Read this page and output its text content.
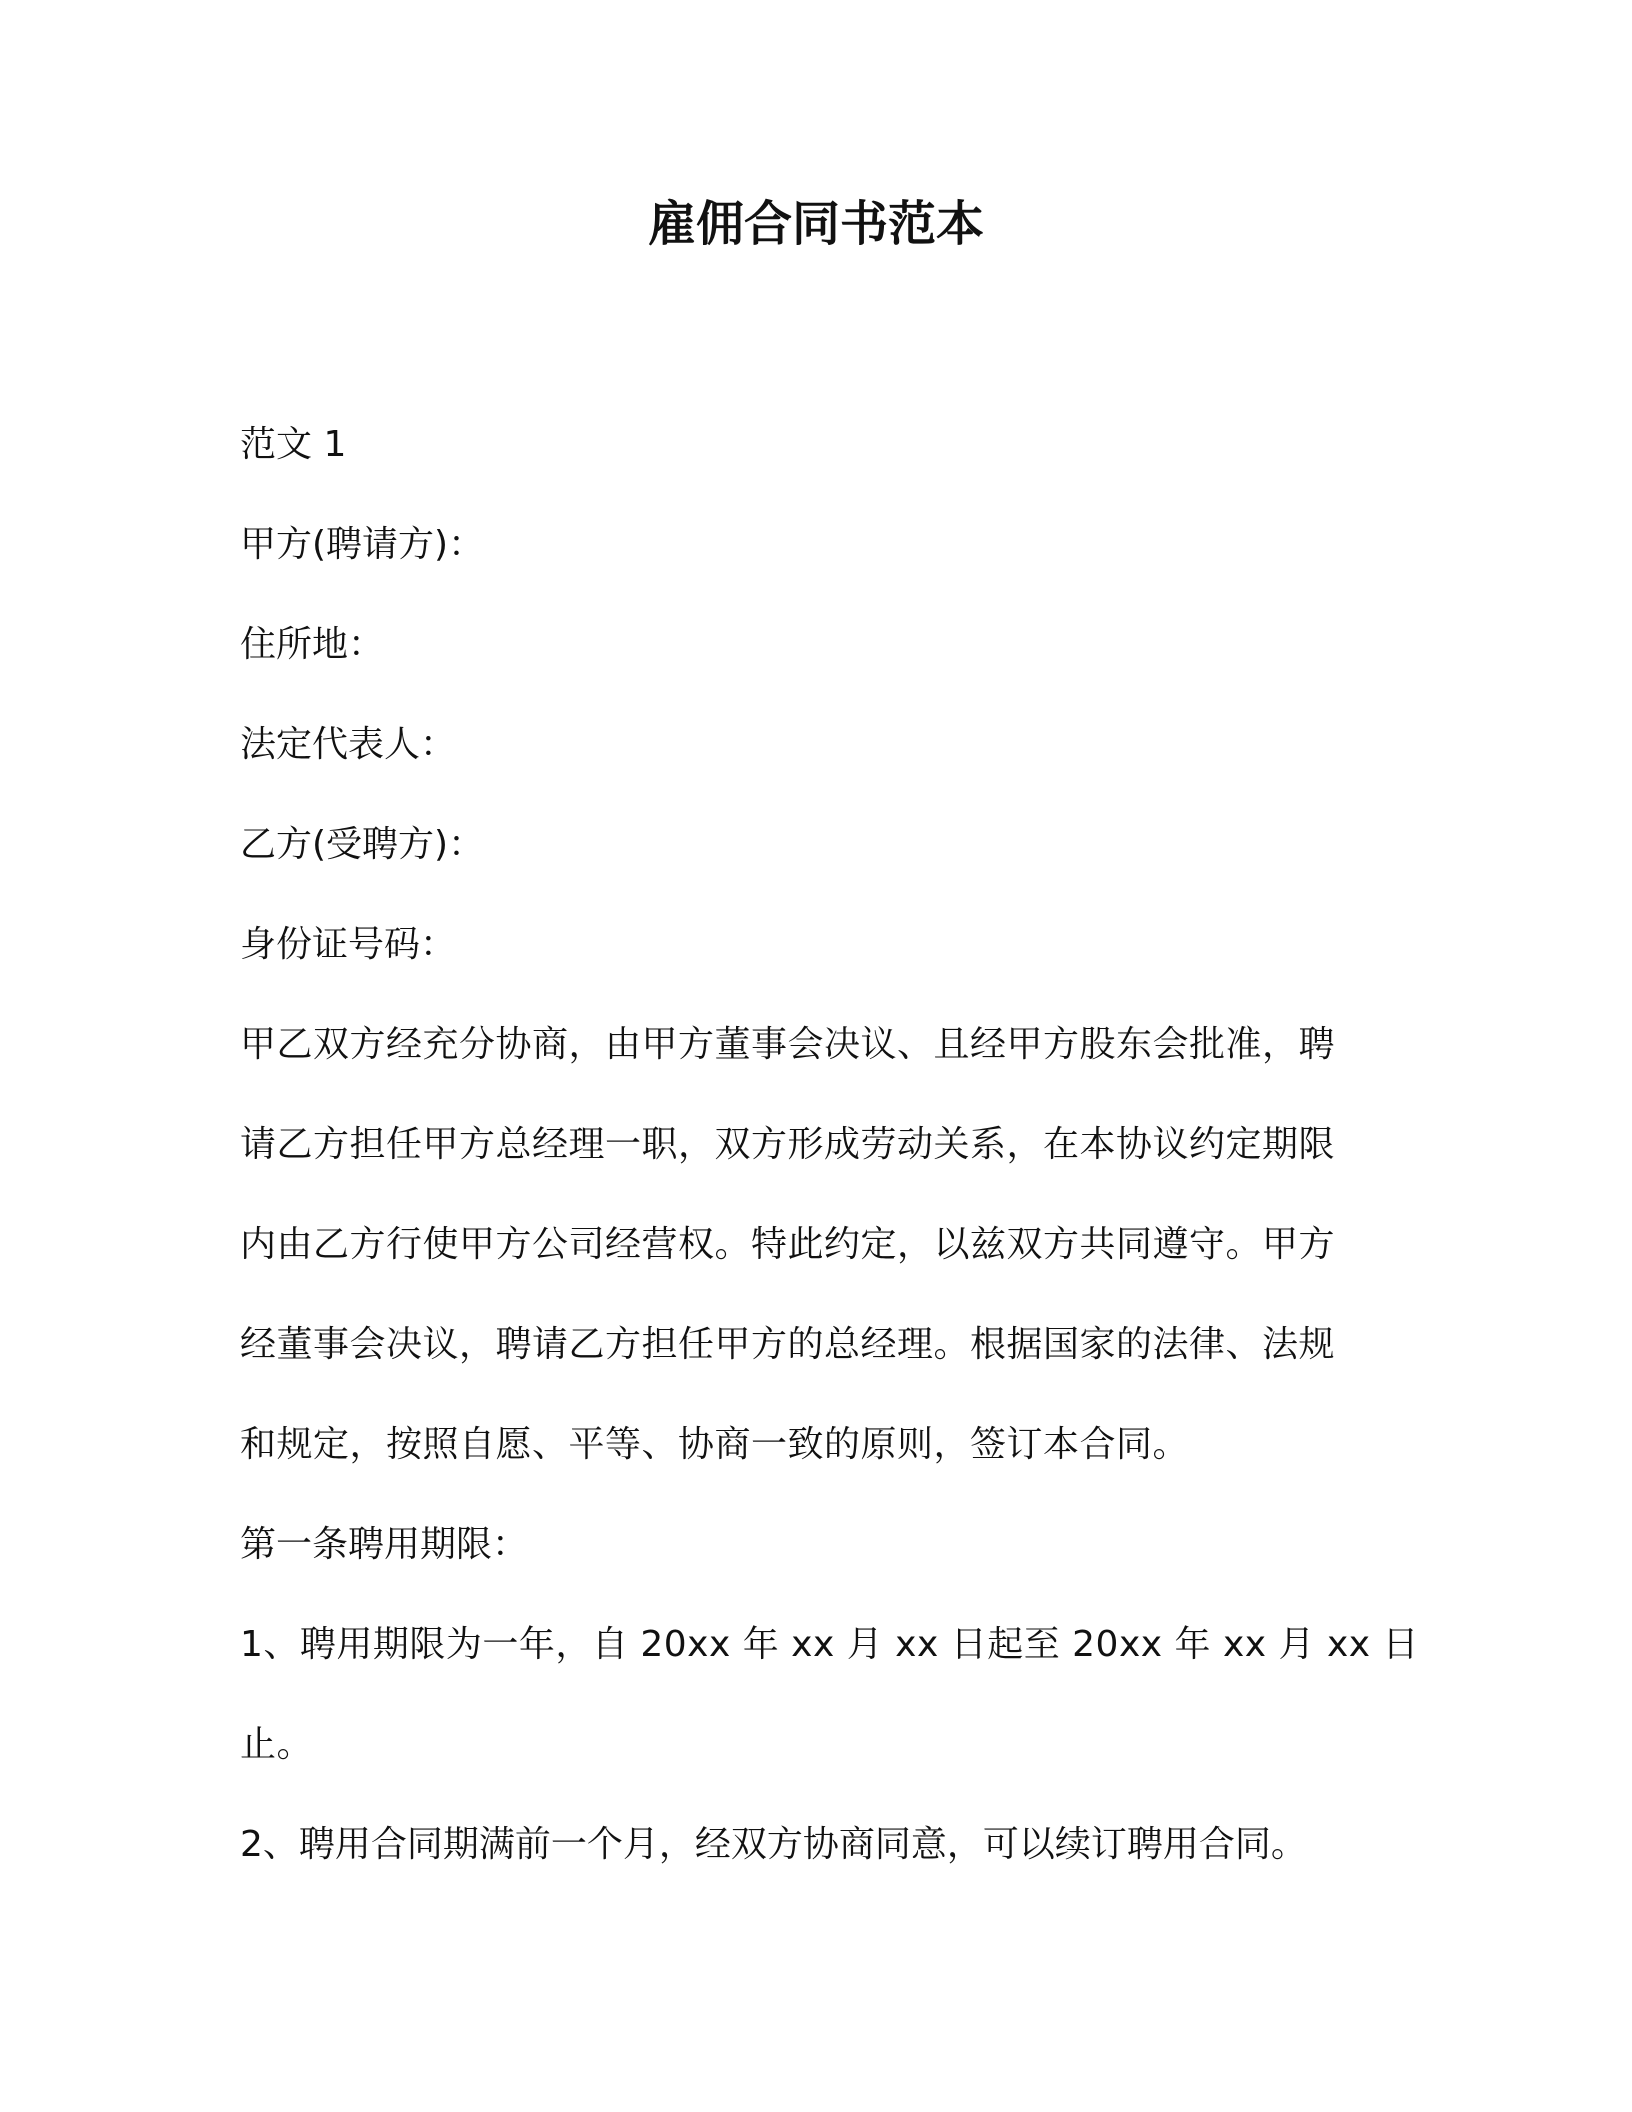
雇佣合同书范本

范文 1

甲方(聘请方)：

住所地：

法定代表人：

乙方(受聘方)：

身份证号码：

甲乙双方经充分协商，由甲方董事会决议、且经甲方股东会批准，聘
请乙方担任甲方总经理一职，双方形成劳动关系，在本协议约定期限
内由乙方行使甲方公司经营权。特此约定，以兹双方共同遵守。甲方
经董事会决议，聘请乙方担任甲方的总经理。根据国家的法律、法规
和规定，按照自愿、平等、协商一致的原则，签订本合同。

第一条聘用期限：

1、聘用期限为一年，自 20xx 年 xx 月 xx 日起至 20xx 年 xx 月 xx 日
止。

2、聘用合同期满前一个月，经双方协商同意，可以续订聘用合同。
